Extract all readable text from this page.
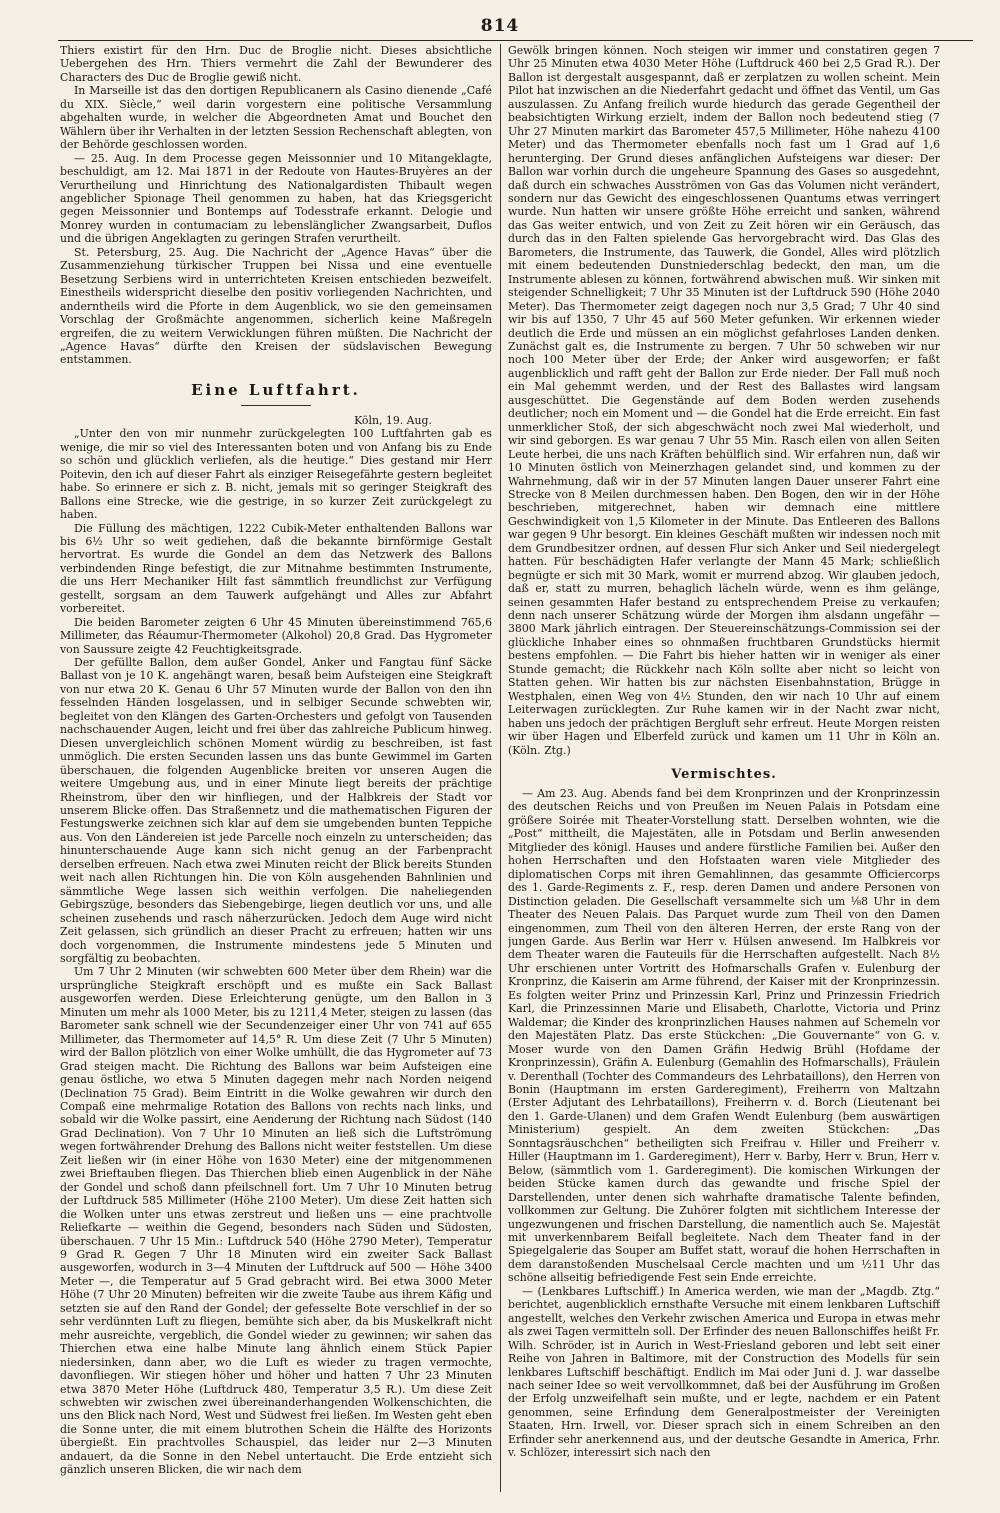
814

Thiers existirt für den Hrn. Duc de Broglie nicht. Dieses absichtliche Uebergehen des Hrn. Thiers vermehrt die Zahl der Bewunderer des Characters des Duc de Broglie gewiß nicht.

In Marseille ist das den dortigen Republicanern als Casino dienende „Café du XIX. Siècle,“ weil darin vorgestern eine politische Versammlung abgehalten wurde, in welcher die Abgeordneten Amat und Bouchet den Wählern über ihr Verhalten in der letzten Session Rechenschaft ablegten, von der Behörde geschlossen worden.

— 25. Aug. In dem Processe gegen Meissonnier und 10 Mitangeklagte, beschuldigt, am 12. Mai 1871 in der Redoute von Hautes-Bruyères an der Verurtheilung und Hinrichtung des Nationalgardisten Thibault wegen angeblicher Spionage Theil genommen zu haben, hat das Kriegsgericht gegen Meissonnier und Bontemps auf Todesstrafe erkannt. Delogie und Monrey wurden in contumaciam zu lebenslänglicher Zwangsarbeit, Duflos und die übrigen Angeklagten zu geringen Strafen verurtheilt.

St. Petersburg, 25. Aug. Die Nachricht der „Agence Havas“ über die Zusammenziehung türkischer Truppen bei Nissa und eine eventuelle Besetzung Serbiens wird in unterrichteten Kreisen entschieden bezweifelt. Einestheils widerspricht dieselbe den positiv vorliegenden Nachrichten, und anderntheils wird die Pforte in dem Augenblick, wo sie den gemeinsamen Vorschlag der Großmächte angenommen, sicherlich keine Maßregeln ergreifen, die zu weitern Verwicklungen führen müßten. Die Nachricht der „Agence Havas“ dürfte den Kreisen der südslavischen Bewegung entstammen.

Eine Luftfahrt.

Köln, 19. Aug.

„Unter den von mir nunmehr zurückgelegten 100 Luftfahrten gab es wenige, die mir so viel des Interessanten boten und von Anfang bis zu Ende so schön und glücklich verliefen, als die heutige.“ Dies gestand mir Herr Poitevin, den ich auf dieser Fahrt als einziger Reisegefährte gestern begleitet habe. So erinnere er sich z. B. nicht, jemals mit so geringer Steigkraft des Ballons eine Strecke, wie die gestrige, in so kurzer Zeit zurückgelegt zu haben.

Die Füllung des mächtigen, 1222 Cubik-Meter enthaltenden Ballons war bis 6½ Uhr so weit gediehen, daß die bekannte birnförmige Gestalt hervortrat. Es wurde die Gondel an dem das Netzwerk des Ballons verbindenden Ringe befestigt, die zur Mitnahme bestimmten Instrumente, die uns Herr Mechaniker Hilt fast sämmtlich freundlichst zur Verfügung gestellt, sorgsam an dem Tauwerk aufgehängt und Alles zur Abfahrt vorbereitet.

Die beiden Barometer zeigten 6 Uhr 45 Minuten übereinstimmend 765,6 Millimeter, das Réaumur-Thermometer (Alkohol) 20,8 Grad. Das Hygrometer von Saussure zeigte 42 Feuchtigkeitsgrade.

Der gefüllte Ballon, dem außer Gondel, Anker und Fangtau fünf Säcke Ballast von je 10 K. angehängt waren, besaß beim Aufsteigen eine Steigkraft von nur etwa 20 K. Genau 6 Uhr 57 Minuten wurde der Ballon von den ihn fesselnden Händen losgelassen, und in selbiger Secunde schwebten wir, begleitet von den Klängen des Garten-Orchesters und gefolgt von Tausenden nachschauender Augen, leicht und frei über das zahlreiche Publicum hinweg. Diesen unvergleichlich schönen Moment würdig zu beschreiben, ist fast unmöglich. Die ersten Secunden lassen uns das bunte Gewimmel im Garten überschauen, die folgenden Augenblicke breiten vor unseren Augen die weitere Umgebung aus, und in einer Minute liegt bereits der prächtige Rheinstrom, über den wir hinfliegen, und der Halbkreis der Stadt vor unserem Blicke offen. Das Straßennetz und die mathematischen Figuren der Festungswerke zeichnen sich klar auf dem sie umgebenden bunten Teppiche aus. Von den Ländereien ist jede Parcelle noch einzeln zu unterscheiden; das hinunterschauende Auge kann sich nicht genug an der Farbenpracht derselben erfreuen. Nach etwa zwei Minuten reicht der Blick bereits Stunden weit nach allen Richtungen hin. Die von Köln ausgehenden Bahnlinien und sämmtliche Wege lassen sich weithin verfolgen. Die naheliegenden Gebirgszüge, besonders das Siebengebirge, liegen deutlich vor uns, und alle scheinen zusehends und rasch näherzurücken. Jedoch dem Auge wird nicht Zeit gelassen, sich gründlich an dieser Pracht zu erfreuen; hatten wir uns doch vorgenommen, die Instrumente mindestens jede 5 Minuten und sorgfältig zu beobachten.

Um 7 Uhr 2 Minuten (wir schwebten 600 Meter über dem Rhein) war die ursprüngliche Steigkraft erschöpft und es mußte ein Sack Ballast ausgeworfen werden. Diese Erleichterung genügte, um den Ballon in 3 Minuten um mehr als 1000 Meter, bis zu 1211,4 Meter, steigen zu lassen (das Barometer sank schnell wie der Secundenzeiger einer Uhr von 741 auf 655 Millimeter, das Thermometer auf 14,5° R. Um diese Zeit (7 Uhr 5 Minuten) wird der Ballon plötzlich von einer Wolke umhüllt, die das Hygrometer auf 73 Grad steigen macht. Die Richtung des Ballons war beim Aufsteigen eine genau östliche, wo etwa 5 Minuten dagegen mehr nach Norden neigend (Declination 75 Grad). Beim Eintritt in die Wolke gewahren wir durch den Compaß eine mehrmalige Rotation des Ballons von rechts nach links, und sobald wir die Wolke passirt, eine Aenderung der Richtung nach Südost (140 Grad Declination). Von 7 Uhr 10 Minuten an ließ sich die Luftströmung wegen fortwährender Drehung des Ballons nicht weiter feststellen. Um diese Zeit ließen wir (in einer Höhe von 1630 Meter) eine der mitgenommenen zwei Brieftauben fliegen. Das Thierchen blieb einen Augenblick in der Nähe der Gondel und schoß dann pfeilschnell fort. Um 7 Uhr 10 Minuten betrug der Luftdruck 585 Millimeter (Höhe 2100 Meter). Um diese Zeit hatten sich die Wolken unter uns etwas zerstreut und ließen uns — eine prachtvolle Reliefkarte — weithin die Gegend, besonders nach Süden und Südosten, überschauen. 7 Uhr 15 Min.: Luftdruck 540 (Höhe 2790 Meter), Temperatur 9 Grad R. Gegen 7 Uhr 18 Minuten wird ein zweiter Sack Ballast ausgeworfen, wodurch in 3—4 Minuten der Luftdruck auf 500 — Höhe 3400 Meter —, die Temperatur auf 5 Grad gebracht wird. Bei etwa 3000 Meter Höhe (7 Uhr 20 Minuten) befreiten wir die zweite Taube aus ihrem Käfig und setzten sie auf den Rand der Gondel; der gefesselte Bote verschlief in der so sehr verdünnten Luft zu fliegen, bemühte sich aber, da bis Muskelkraft nicht mehr ausreichte, vergeblich, die Gondel wieder zu gewinnen; wir sahen das Thierchen etwa eine halbe Minute lang ähnlich einem Stück Papier niedersinken, dann aber, wo die Luft es wieder zu tragen vermochte, davonfliegen. Wir stiegen höher und höher und hatten 7 Uhr 23 Minuten etwa 3870 Meter Höhe (Luftdruck 480, Temperatur 3,5 R.). Um diese Zeit schwebten wir zwischen zwei übereinanderhangenden Wolkenschichten, die uns den Blick nach Nord, West und Südwest frei ließen. Im Westen geht eben die Sonne unter, die mit einem blutrothen Schein die Hälfte des Horizonts übergießt. Ein prachtvolles Schauspiel, das leider nur 2—3 Minuten andauert, da die Sonne in den Nebel untertaucht. Die Erde entzieht sich gänzlich unseren Blicken, die wir nach dem

Gewölk bringen können. Noch steigen wir immer und constatiren gegen 7 Uhr 25 Minuten etwa 4030 Meter Höhe (Luftdruck 460 bei 2,5 Grad R.). Der Ballon ist dergestalt ausgespannt, daß er zerplatzen zu wollen scheint. Mein Pilot hat inzwischen an die Niederfahrt gedacht und öffnet das Ventil, um Gas auszulassen. Zu Anfang freilich wurde hiedurch das gerade Gegentheil der beabsichtigten Wirkung erzielt, indem der Ballon noch bedeutend stieg (7 Uhr 27 Minuten markirt das Barometer 457,5 Millimeter, Höhe nahezu 4100 Meter) und das Thermometer ebenfalls noch fast um 1 Grad auf 1,6 herunterging. Der Grund dieses anfänglichen Aufsteigens war dieser: Der Ballon war vorhin durch die ungeheure Spannung des Gases so ausgedehnt, daß durch ein schwaches Ausströmen von Gas das Volumen nicht verändert, sondern nur das Gewicht des eingeschlossenen Quantums etwas verringert wurde. Nun hatten wir unsere größte Höhe erreicht und sanken, während das Gas weiter entwich, und von Zeit zu Zeit hören wir ein Geräusch, das durch das in den Falten spielende Gas hervorgebracht wird. Das Glas des Barometers, die Instrumente, das Tauwerk, die Gondel, Alles wird plötzlich mit einem bedeutenden Dunstniederschlag bedeckt, den man, um die Instrumente ablesen zu können, fortwährend abwischen muß. Wir sinken mit steigender Schnelligkeit; 7 Uhr 35 Minuten ist der Luftdruck 590 (Höhe 2040 Meter). Das Thermometer zeigt dagegen noch nur 3,5 Grad; 7 Uhr 40 sind wir bis auf 1350, 7 Uhr 45 auf 560 Meter gefunken. Wir erkennen wieder deutlich die Erde und müssen an ein möglichst gefahrloses Landen denken. Zunächst galt es, die Instrumente zu bergen. 7 Uhr 50 schweben wir nur noch 100 Meter über der Erde; der Anker wird ausgeworfen; er faßt augenblicklich und rafft geht der Ballon zur Erde nieder. Der Fall muß noch ein Mal gehemmt werden, und der Rest des Ballastes wird langsam ausgeschüttet. Die Gegenstände auf dem Boden werden zusehends deutlicher; noch ein Moment und — die Gondel hat die Erde erreicht. Ein fast unmerklicher Stoß, der sich abgeschwächt noch zwei Mal wiederholt, und wir sind geborgen. Es war genau 7 Uhr 55 Min. Rasch eilen von allen Seiten Leute herbei, die uns nach Kräften behülflich sind. Wir erfahren nun, daß wir 10 Minuten östlich von Meinerzhagen gelandet sind, und kommen zu der Wahrnehmung, daß wir in der 57 Minuten langen Dauer unserer Fahrt eine Strecke von 8 Meilen durchmessen haben. Den Bogen, den wir in der Höhe beschrieben, mitgerechnet, haben wir demnach eine mittlere Geschwindigkeit von 1,5 Kilometer in der Minute. Das Entleeren des Ballons war gegen 9 Uhr besorgt. Ein kleines Geschäft mußten wir indessen noch mit dem Grundbesitzer ordnen, auf dessen Flur sich Anker und Seil niedergelegt hatten. Für beschädigten Hafer verlangte der Mann 45 Mark; schließlich begnügte er sich mit 30 Mark, womit er murrend abzog. Wir glauben jedoch, daß er, statt zu murren, behaglich lächeln würde, wenn es ihm gelänge, seinen gesammten Hafer bestand zu entsprechendem Preise zu verkaufen; denn nach unserer Schätzung würde der Morgen ihm alsdann ungefähr — 3800 Mark jährlich eintragen. Der Steuereinschätzungs-Commission sei der glückliche Inhaber eines so ohnmaßen fruchtbaren Grundstücks hiermit bestens empfohlen. — Die Fahrt bis hieher hatten wir in weniger als einer Stunde gemacht; die Rückkehr nach Köln sollte aber nicht so leicht von Statten gehen. Wir hatten bis zur nächsten Eisenbahnstation, Brügge in Westphalen, einen Weg von 4½ Stunden, den wir nach 10 Uhr auf einem Leiterwagen zurücklegten. Zur Ruhe kamen wir in der Nacht zwar nicht, haben uns jedoch der prächtigen Bergluft sehr erfreut. Heute Morgen reisten wir über Hagen und Elberfeld zurück und kamen um 11 Uhr in Köln an. (Köln. Ztg.)

Vermischtes.

— Am 23. Aug. Abends fand bei dem Kronprinzen und der Kronprinzessin des deutschen Reichs und von Preußen im Neuen Palais in Potsdam eine größere Soirée mit Theater-Vorstellung statt. Derselben wohnten, wie die „Post“ mittheilt, die Majestäten, alle in Potsdam und Berlin anwesenden Mitglieder des königl. Hauses und andere fürstliche Familien bei. Außer den hohen Herrschaften und den Hofstaaten waren viele Mitglieder des diplomatischen Corps mit ihren Gemahlinnen, das gesammte Officiercorps des 1. Garde-Regiments z. F., resp. deren Damen und andere Personen von Distinction geladen. Die Gesellschaft versammelte sich um ⅛8 Uhr in dem Theater des Neuen Palais. Das Parquet wurde zum Theil von den Damen eingenommen, zum Theil von den älteren Herren, der erste Rang von der jungen Garde. Aus Berlin war Herr v. Hülsen anwesend. Im Halbkreis vor dem Theater waren die Fauteuils für die Herrschaften aufgestellt. Nach 8½ Uhr erschienen unter Vortritt des Hofmarschalls Grafen v. Eulenburg der Kronprinz, die Kaiserin am Arme führend, der Kaiser mit der Kronprinzessin. Es folgten weiter Prinz und Prinzessin Karl, Prinz und Prinzessin Friedrich Karl, die Prinzessinnen Marie und Elisabeth, Charlotte, Victoria und Prinz Waldemar; die Kinder des kronprinzlichen Hauses nahmen auf Schemeln vor den Majestäten Platz. Das erste Stückchen: „Die Gouvernante“ von G. v. Moser wurde von den Damen Gräfin Hedwig Brühl (Hofdame der Kronprinzessin), Gräfin A. Eulenburg (Gemahlin des Hofmarschalls), Fräulein v. Derenthall (Tochter des Commandeurs des Lehrbataillons), den Herren von Bonin (Hauptmann im ersten Garderegiment), Freiherrn von Maltzahn (Erster Adjutant des Lehrbataillons), Freiherrn v. d. Borch (Lieutenant bei den 1. Garde-Ulanen) und dem Grafen Wendt Eulenburg (bem auswärtigen Ministerium) gespielt. An dem zweiten Stückchen: „Das Sonntagsräuschchen“ betheiligten sich Freifrau v. Hiller und Freiherr v. Hiller (Hauptmann im 1. Garderegiment), Herr v. Barby, Herr v. Brun, Herr v. Below, (sämmtlich vom 1. Garderegiment). Die komischen Wirkungen der beiden Stücke kamen durch das gewandte und frische Spiel der Darstellenden, unter denen sich wahrhafte dramatische Talente befinden, vollkommen zur Geltung. Die Zuhörer folgten mit sichtlichem Interesse der ungezwungenen und frischen Darstellung, die namentlich auch Se. Majestät mit unverkennbarem Beifall begleitete. Nach dem Theater fand in der Spiegelgalerie das Souper am Buffet statt, worauf die hohen Herrschaften in dem daranstoßenden Muschelsaal Cercle machten und um ½11 Uhr das schöne allseitig befriedigende Fest sein Ende erreichte.

— (Lenkbares Luftschiff.) In America werden, wie man der „Magdb. Ztg.“ berichtet, augenblicklich ernsthafte Versuche mit einem lenkbaren Luftschiff angestellt, welches den Verkehr zwischen America und Europa in etwas mehr als zwei Tagen vermitteln soll. Der Erfinder des neuen Ballonschiffes heißt Fr. Wilh. Schröder, ist in Aurich in West-Friesland geboren und lebt seit einer Reihe von Jahren in Baltimore, mit der Construction des Modells für sein lenkbares Luftschiff beschäftigt. Endlich im Mai oder Juni d. J. war dasselbe nach seiner Idee so weit vervollkommnet, daß bei der Ausführung im Großen der Erfolg unzweifelhaft sein mußte, und er legte, nachdem er ein Patent genommen, seine Erfindung dem Generalpostmeister der Vereinigten Staaten, Hrn. Irwell, vor. Dieser sprach sich in einem Schreiben an den Erfinder sehr anerkennend aus, und der deutsche Gesandte in America, Frhr. v. Schlözer, interessirt sich nach den
